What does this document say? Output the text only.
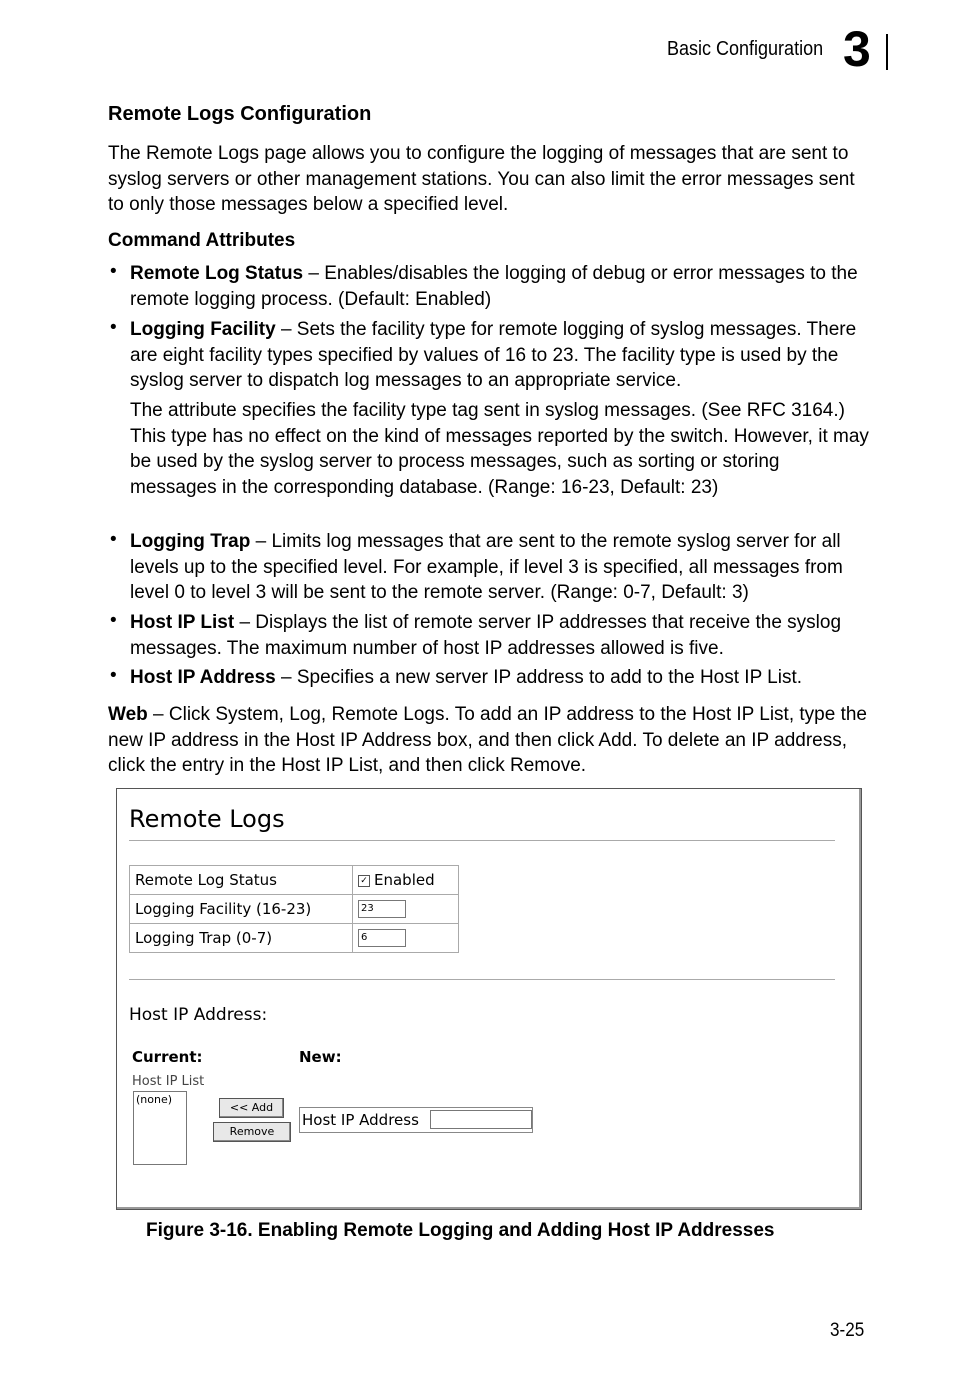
Basic Configuration 3
Remote Logs Configuration
The Remote Logs page allows you to configure the logging of messages that are sent to syslog servers or other management stations. You can also limit the error messages sent to only those messages below a specified level.
Command Attributes
• Remote Log Status – Enables/disables the logging of debug or error messages to the remote logging process. (Default: Enabled)
• Logging Facility – Sets the facility type for remote logging of syslog messages. There are eight facility types specified by values of 16 to 23. The facility type is used by the syslog server to dispatch log messages to an appropriate service.
The attribute specifies the facility type tag sent in syslog messages. (See RFC 3164.) This type has no effect on the kind of messages reported by the switch. However, it may be used by the syslog server to process messages, such as sorting or storing messages in the corresponding database. (Range: 16-23, Default: 23)
• Logging Trap – Limits log messages that are sent to the remote syslog server for all levels up to the specified level. For example, if level 3 is specified, all messages from level 0 to level 3 will be sent to the remote server. (Range: 0-7, Default: 3)
• Host IP List – Displays the list of remote server IP addresses that receive the syslog messages. The maximum number of host IP addresses allowed is five.
• Host IP Address – Specifies a new server IP address to add to the Host IP List.
Web – Click System, Log, Remote Logs. To add an IP address to the Host IP List, type the new IP address in the Host IP Address box, and then click Add. To delete an IP address, click the entry in the Host IP List, and then click Remove.
Remote Logs
Remote Log Status	✓ Enabled
Logging Facility (16-23)	23
Logging Trap (0-7)	6
Host IP Address:
Current:	New:
Host IP List
(none)
<< Add
Remove
Host IP Address
Figure 3-16. Enabling Remote Logging and Adding Host IP Addresses
3-25
